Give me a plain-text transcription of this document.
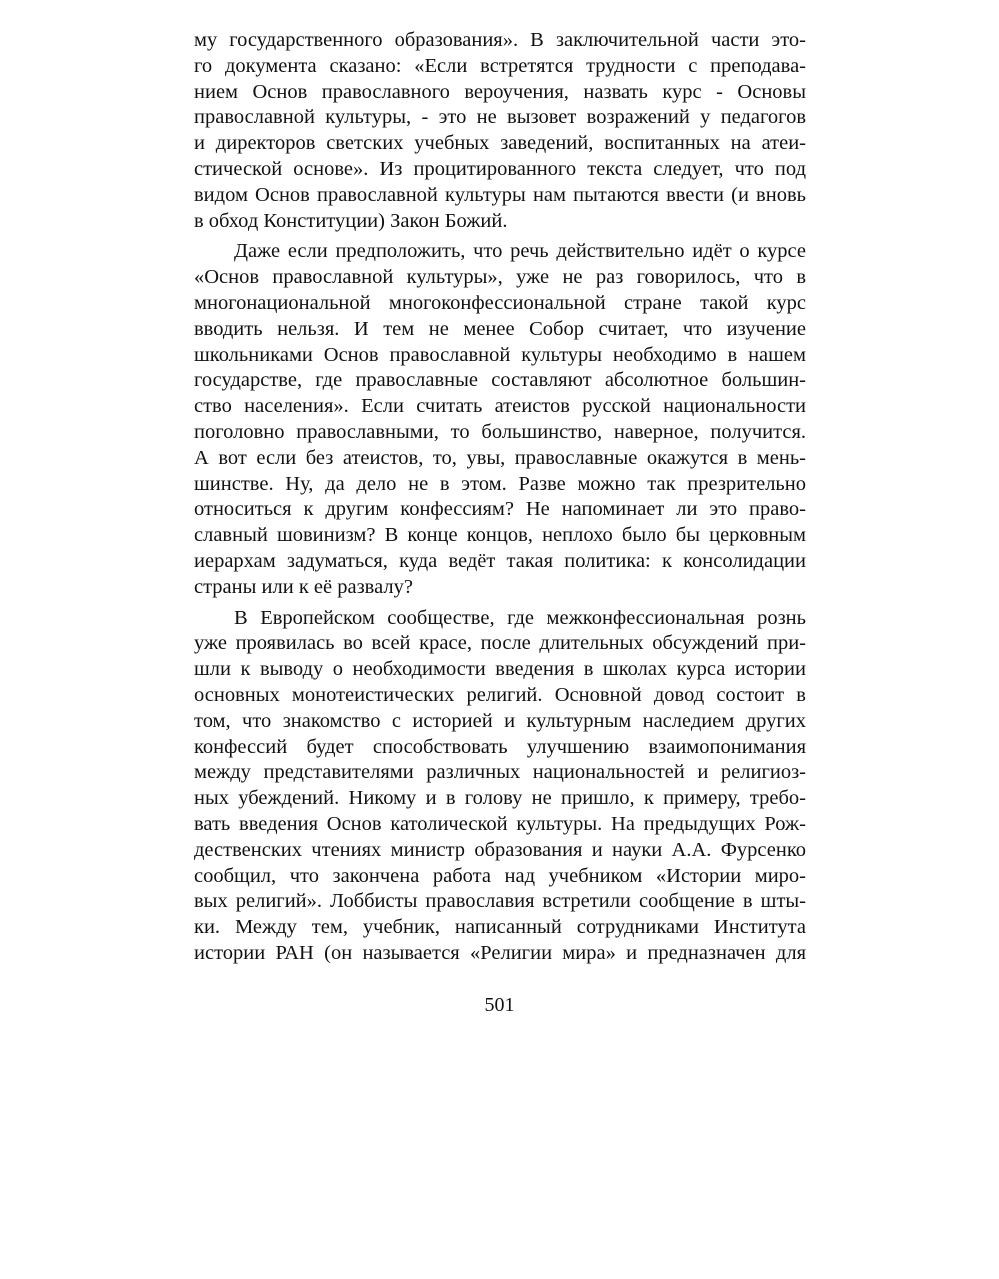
му государственного образования». В заключительной части это-
го документа сказано: «Если встретятся трудности с преподава-
нием Основ православного вероучения, назвать курс - Основы
православной культуры, - это не вызовет возражений у педагогов
и директоров светских учебных заведений, воспитанных на атеи-
стической основе». Из процитированного текста следует, что под
видом Основ православной культуры нам пытаются ввести (и вновь
в обход Конституции) Закон Божий.
Даже если предположить, что речь действительно идёт о курсе
«Основ православной культуры», уже не раз говорилось, что в
многонациональной многоконфессиональной стране такой курс
вводить нельзя. И тем не менее Собор считает, что изучение
школьниками Основ православной культуры необходимо в нашем
государстве, где православные составляют абсолютное большин-
ство населения». Если считать атеистов русской национальности
поголовно православными, то большинство, наверное, получится.
А вот если без атеистов, то, увы, православные окажутся в мень-
шинстве. Ну, да дело не в этом. Разве можно так презрительно
относиться к другим конфессиям? Не напоминает ли это право-
славный шовинизм? В конце концов, неплохо было бы церковным
иерархам задуматься, куда ведёт такая политика: к консолидации
страны или к её развалу?
В Европейском сообществе, где межконфессиональная рознь
уже проявилась во всей красе, после длительных обсуждений при-
шли к выводу о необходимости введения в школах курса истории
основных монотеистических религий. Основной довод состоит в
том, что знакомство с историей и культурным наследием других
конфессий будет способствовать улучшению взаимопонимания
между представителями различных национальностей и религиоз-
ных убеждений. Никому и в голову не пришло, к примеру, требо-
вать введения Основ католической культуры. На предыдущих Рож-
дественских чтениях министр образования и науки А.А. Фурсенко
сообщил, что закончена работа над учебником «Истории миро-
вых религий». Лоббисты православия встретили сообщение в шты-
ки. Между тем, учебник, написанный сотрудниками Института
истории РАН (он называется «Религии мира» и предназначен для
501
